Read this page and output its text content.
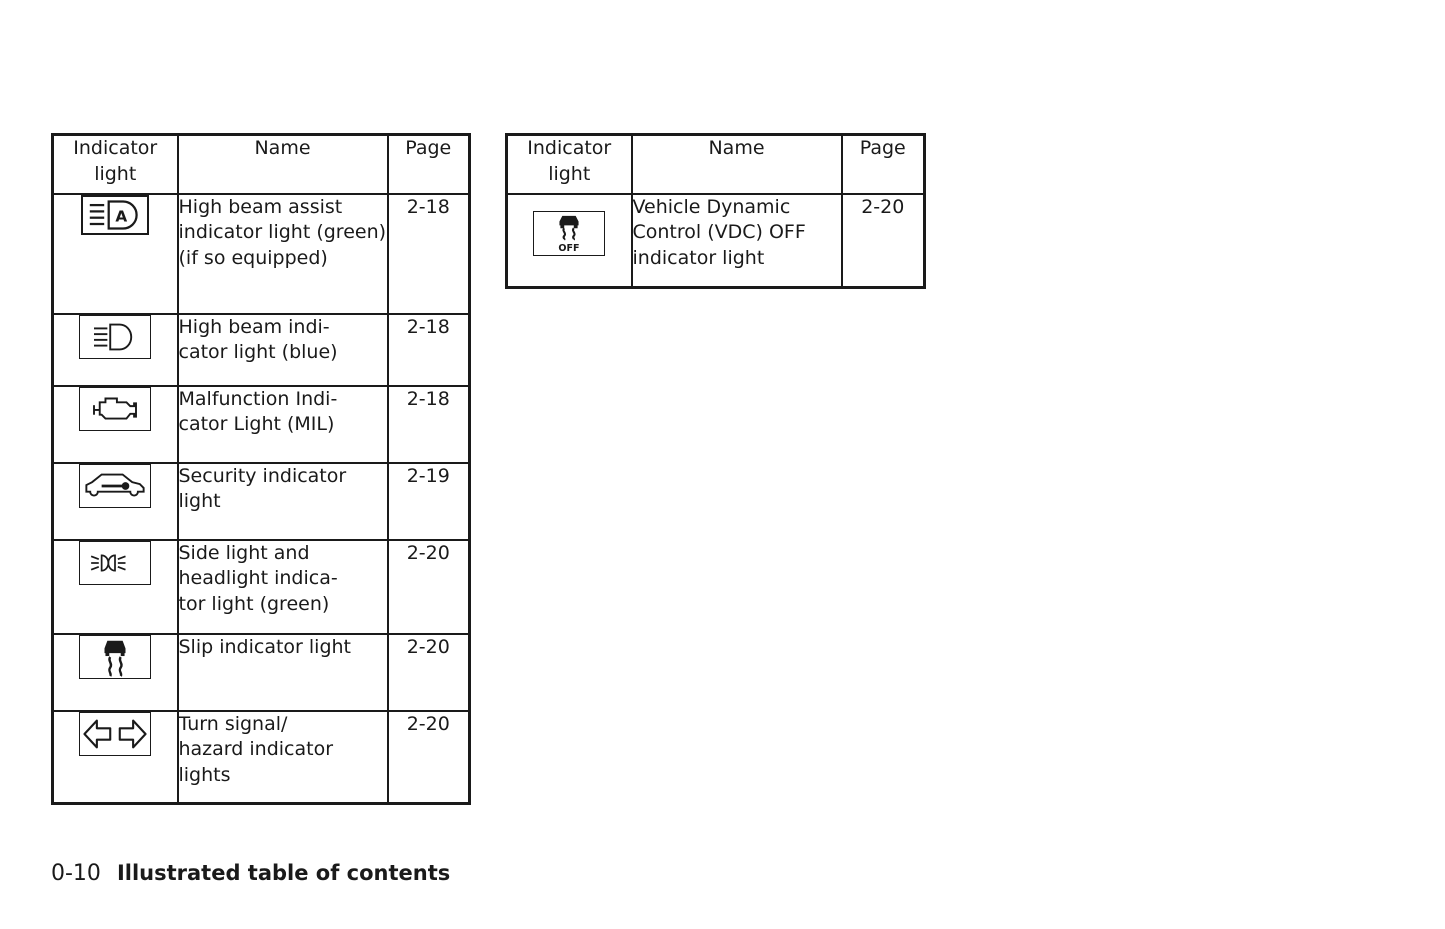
Indicator
light	Name	Page

A	High beam assist indicator light (green) (if so equipped)	2-18

	High beam indi-
cator light (blue)	2-18

	Malfunction Indi-
cator Light (MIL)	2-18

	Security indicator light	2-19

	Side light and headlight indica-
tor light (green)	2-20

	Slip indicator light	2-20

	Turn signal/
hazard indicator lights	2-20
Indicator
light	Name	Page

OFF	Vehicle Dynamic Control (VDC) OFF indicator light	2-20
0-10 Illustrated table of contents
